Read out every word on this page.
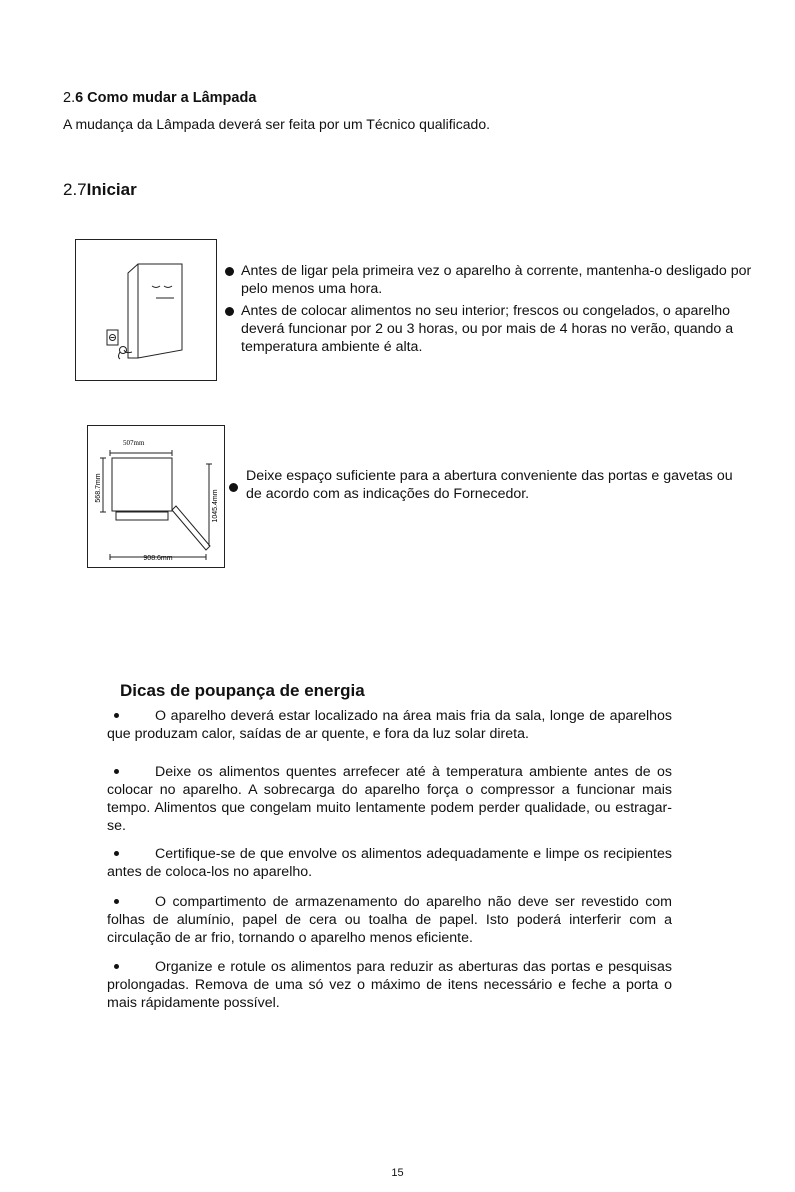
2.6 Como mudar a Lâmpada
A mudança da Lâmpada deverá ser feita por um Técnico qualificado.
2.7Iniciar
Antes de ligar pela primeira vez o aparelho à corrente, mantenha-o desligado por pelo menos uma hora.
Antes de colocar alimentos no seu interior; frescos ou congelados, o aparelho deverá funcionar por 2 ou 3 horas, ou por mais de 4 horas no verão, quando a temperatura ambiente é alta.
507mm
568.7mm
1045.4mm
908.6mm
Deixe espaço suficiente para a abertura conveniente das portas e gavetas ou de acordo com as indicações do Fornecedor.
Dicas de poupança de energia
O aparelho deverá estar localizado na área mais fria da sala, longe de aparelhos que produzam calor, saídas de ar quente, e fora da luz solar direta.
Deixe os alimentos quentes arrefecer até à temperatura ambiente antes de os colocar no aparelho. A sobrecarga do aparelho força o compressor a funcionar mais tempo. Alimentos que congelam muito lentamente podem perder qualidade, ou estragar-se.
Certifique-se de que envolve os alimentos adequadamente e limpe os recipientes antes de coloca-los no aparelho.
O compartimento de armazenamento do aparelho não deve ser revestido com folhas de alumínio, papel de cera ou toalha de papel. Isto poderá interferir com a circulação de ar frio, tornando o aparelho menos eficiente.
Organize e rotule os alimentos para reduzir as aberturas das portas e pesquisas prolongadas. Remova de uma só vez o máximo de itens necessário e feche a porta o mais rápidamente possível.
15
